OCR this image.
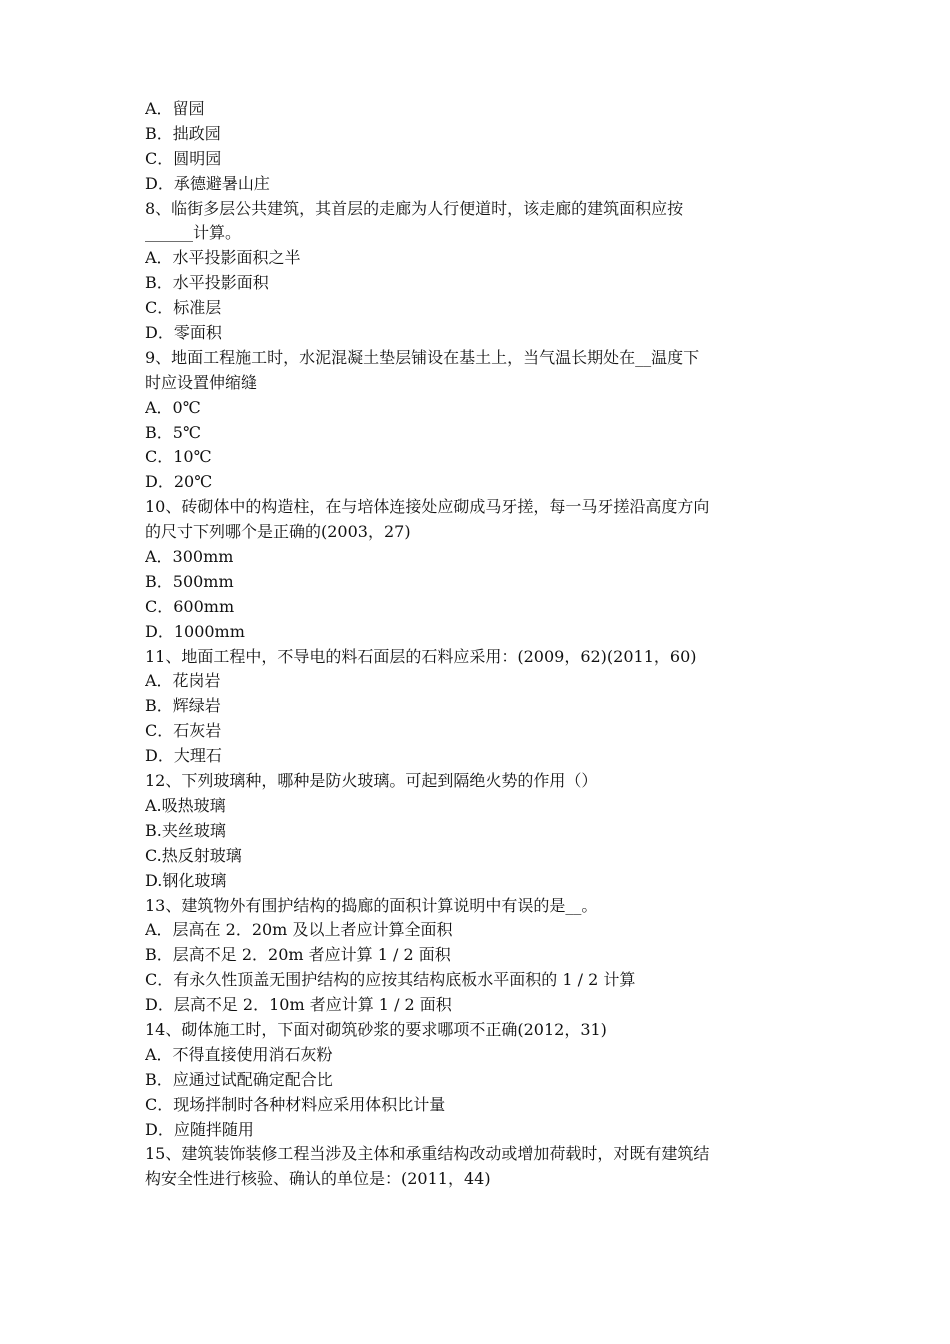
A．留园
B．拙政园
C．圆明园
D．承德避暑山庄
8、临街多层公共建筑，其首层的走廊为人行便道时，该走廊的建筑面积应按
______计算。
A．水平投影面积之半
B．水平投影面积
C．标准层
D．零面积
9、地面工程施工时，水泥混凝土垫层铺设在基土上，当气温长期处在__温度下
时应设置伸缩缝
A．0℃
B．5℃
C．10℃
D．20℃
10、砖砌体中的构造柱，在与培体连接处应砌成马牙搓，每一马牙搓沿高度方向
的尺寸下列哪个是正确的(2003，27)
A．300mm
B．500mm
C．600mm
D．1000mm
11、地面工程中，不导电的料石面层的石料应采用：(2009，62)(2011，60)
A．花岗岩
B．辉绿岩
C．石灰岩
D．大理石
12、下列玻璃种，哪种是防火玻璃。可起到隔绝火势的作用（）
A.吸热玻璃
B.夹丝玻璃
C.热反射玻璃
D.钢化玻璃
13、建筑物外有围护结构的捣廊的面积计算说明中有误的是__。
A．层高在 2．20m 及以上者应计算全面积
B．层高不足 2．20m 者应计算 1 / 2 面积
C．有永久性顶盖无围护结构的应按其结构底板水平面积的 1 / 2 计算
D．层高不足 2．10m 者应计算 1 / 2 面积
14、砌体施工时，下面对砌筑砂浆的要求哪项不正确(2012，31)
A．不得直接使用消石灰粉
B．应通过试配确定配合比
C．现场拌制时各种材料应采用体积比计量
D．应随拌随用
15、建筑装饰装修工程当涉及主体和承重结构改动或增加荷载时，对既有建筑结
构安全性进行核验、确认的单位是：(2011，44)
